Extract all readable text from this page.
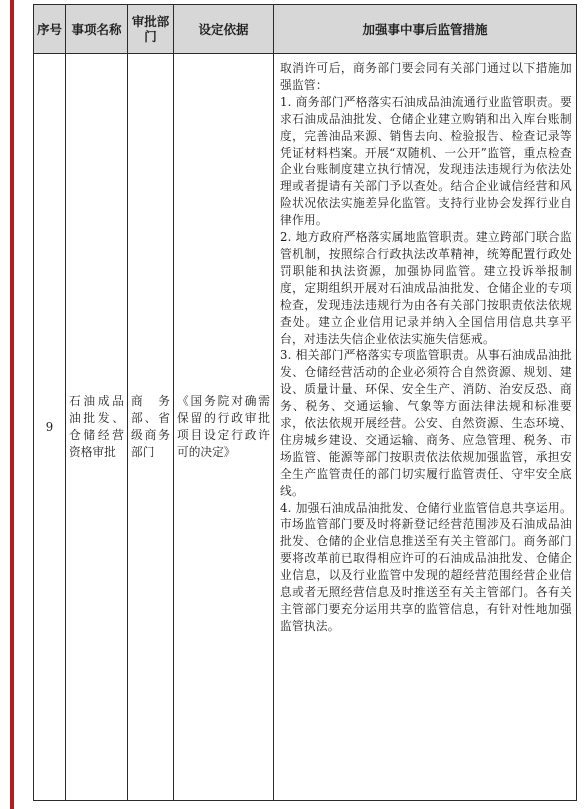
序号	事项名称	审批部门	设定依据	加强事中事后监管措施
9	石油成品油批发、仓储经营资格审批	商务部、省级商务部门	《国务院对确需保留的行政审批项目设定行政许可的决定》	取消许可后，商务部门要会同有关部门通过以下措施加强监管：

1. 商务部门严格落实石油成品油流通行业监管职责。要求石油成品油批发、仓储企业建立购销和出入库台账制度，完善油品来源、销售去向、检验报告、检查记录等凭证材料档案。开展“双随机、一公开”监管，重点检查企业台账制度建立执行情况，发现违法违规行为依法处理或者提请有关部门予以查处。结合企业诚信经营和风险状况依法实施差异化监管。支持行业协会发挥行业自律作用。

2. 地方政府严格落实属地监管职责。建立跨部门联合监管机制，按照综合行政执法改革精神，统筹配置行政处罚职能和执法资源，加强协同监管。建立投诉举报制度，定期组织开展对石油成品油批发、仓储企业的专项检查，发现违法违规行为由各有关部门按职责依法依规查处。建立企业信用记录并纳入全国信用信息共享平台，对违法失信企业依法实施失信惩戒。

3. 相关部门严格落实专项监管职责。从事石油成品油批发、仓储经营活动的企业必须符合自然资源、规划、建设、质量计量、环保、安全生产、消防、治安反恐、商务、税务、交通运输、气象等方面法律法规和标准要求，依法依规开展经营。公安、自然资源、生态环境、住房城乡建设、交通运输、商务、应急管理、税务、市场监管、能源等部门按职责依法依规加强监管，承担安全生产监管责任的部门切实履行监管责任、守牢安全底线。

4. 加强石油成品油批发、仓储行业监管信息共享运用。市场监管部门要及时将新登记经营范围涉及石油成品油批发、仓储的企业信息推送至有关主管部门。商务部门要将改革前已取得相应许可的石油成品油批发、仓储企业信息，以及行业监管中发现的超经营范围经营企业信息或者无照经营信息及时推送至有关主管部门。各有关主管部门要充分运用共享的监管信息，有针对性地加强监管执法。
